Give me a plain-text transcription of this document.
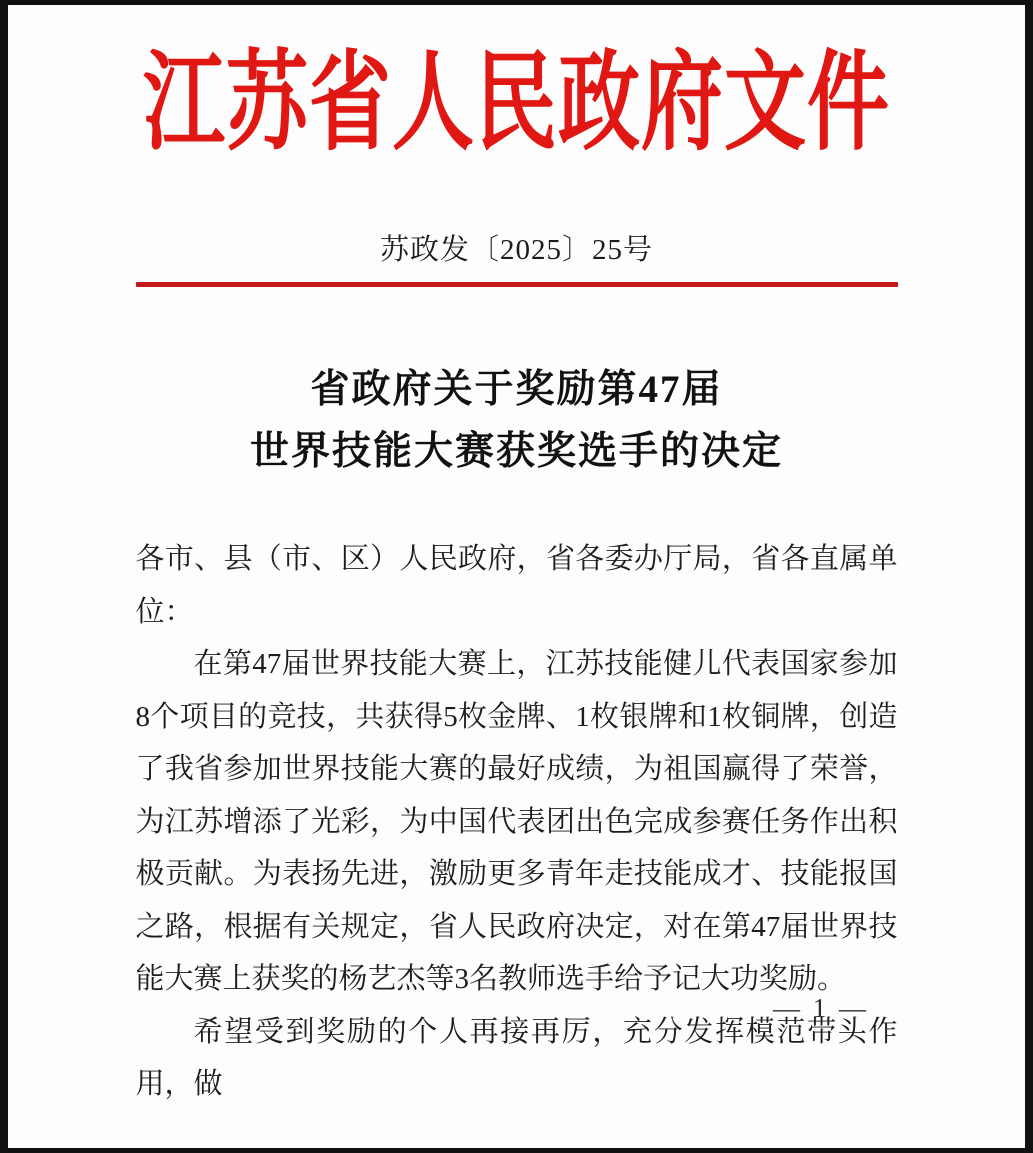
江苏省人民政府文件
苏政发〔2025〕25号
省政府关于奖励第47届
世界技能大赛获奖选手的决定

各市、县（市、区）人民政府，省各委办厅局，省各直属单位：

在第47届世界技能大赛上，江苏技能健儿代表国家参加8个项目的竞技，共获得5枚金牌、1枚银牌和1枚铜牌，创造了我省参加世界技能大赛的最好成绩，为祖国赢得了荣誉，为江苏增添了光彩，为中国代表团出色完成参赛任务作出积极贡献。为表扬先进，激励更多青年走技能成才、技能报国之路，根据有关规定，省人民政府决定，对在第47届世界技能大赛上获奖的杨艺杰等3名教师选手给予记大功奖励。

希望受到奖励的个人再接再厉，充分发挥模范带头作用，做

— 1 —
